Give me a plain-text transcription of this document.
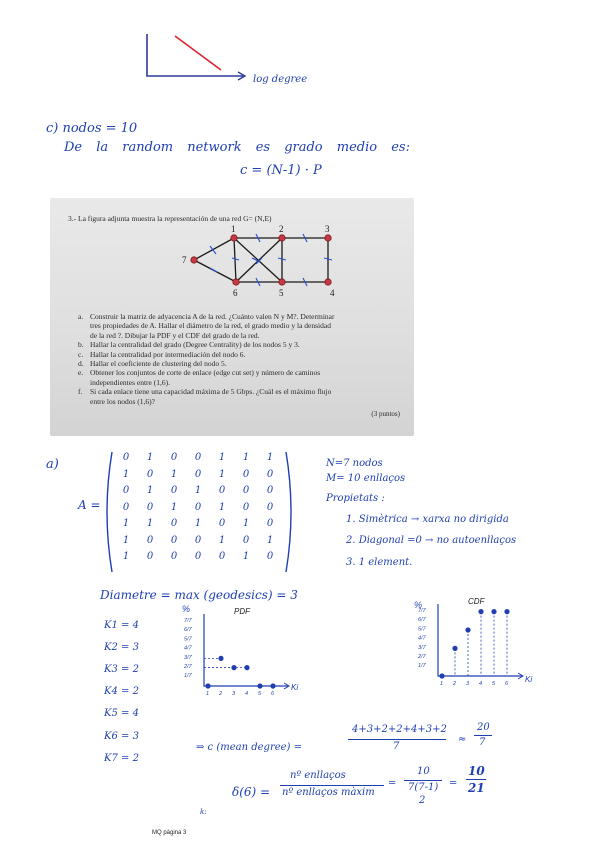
log degree
c) nodos = 10
De la random network es grado medio es:
c = (N-1) · P
3.- La figura adjunta muestra la representación de una red G= (N,E)
1	2	3
7
6	5	4
a. Construir la matriz de adyacencia A de la red. ¿Cuánto valen N y M?. Determinar
tres propiedades de A. Hallar el diámetro de la red, el grado medio y la densidad
de la red ?. Dibujar la PDF y el CDF del grado de la red.
b. Hallar la centralidad del grado (Degree Centrality) de los nodos 5 y 3.
c. Hallar la centralidad por intermediación del nodo 6.
d. Hallar el coeficiente de clustering del nodo 5.
e. Obtener los conjuntos de corte de enlace (edge cut set) y número de caminos
independientes entre (1,6).
f. Si cada enlace tiene una capacidad máxima de 5 Gbps. ¿Cuál es el máximo flujo
entre los nodos (1,6)?
(3 puntos)
a)
A =
0	1	0	0	1	1	1
1	0	1	0	1	0	0
0	1	0	1	0	0	0
0	0	1	0	1	0	0
1	1	0	1	0	1	0
1	0	0	0	1	0	1
1	0	0	0	0	1	0
N=7 nodos
M= 10 enllaços
Propietats :
1. Simètrica → xarxa no dirigida
2. Diagonal =0 → no autoenllaços
3. 1 element.
Diametre = max (geodesics) = 3
K1 = 4
K2 = 3
K3 = 2
K4 = 2
K5 = 4
K6 = 3
K7 = 2
%	PDF
7/7
6/7
5/7
4/7
3/7
2/7
1/7
1 2 3 4 5 6
Ki
%	CDF
7/7
6/7
5/7
4/7
3/7
2/7
1/7
1 2 3 4 5 6 Ki
⇒ c (mean degree) =
4+3+2+2+4+3+2
7
≈
20
7
δ(6) =
nº enllaços
nº enllaços màxim
=
10
7(7-1)
2
=
10
21
k:
MQ página 3
